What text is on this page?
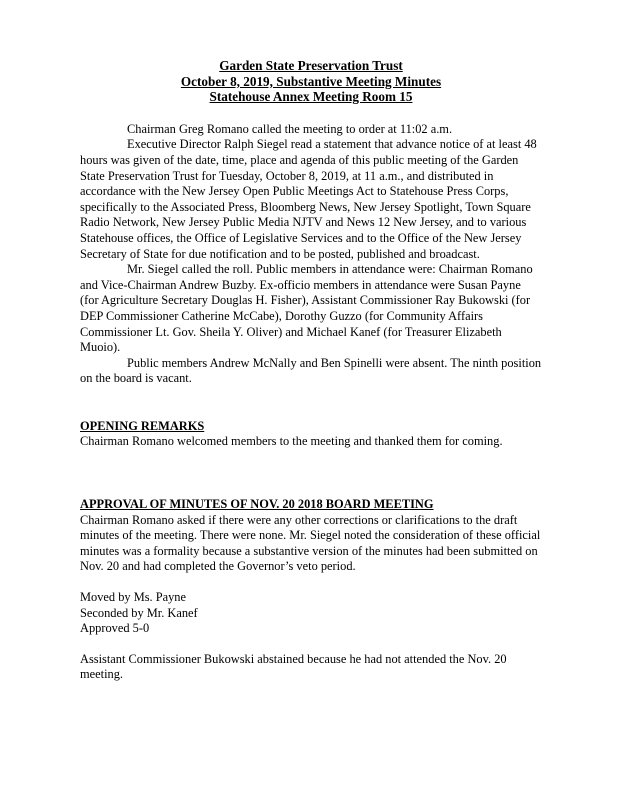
Garden State Preservation Trust
October 8, 2019, Substantive Meeting Minutes
Statehouse Annex Meeting Room 15

Chairman Greg Romano called the meeting to order at 11:02 a.m.

Executive Director Ralph Siegel read a statement that advance notice of at least 48 hours was given of the date, time, place and agenda of this public meeting of the Garden State Preservation Trust for Tuesday, October 8, 2019, at 11 a.m., and distributed in accordance with the New Jersey Open Public Meetings Act to Statehouse Press Corps, specifically to the Associated Press, Bloomberg News, New Jersey Spotlight, Town Square Radio Network, New Jersey Public Media NJTV and News 12 New Jersey, and to various Statehouse offices, the Office of Legislative Services and to the Office of the New Jersey Secretary of State for due notification and to be posted, published and broadcast.

Mr. Siegel called the roll. Public members in attendance were: Chairman Romano and Vice-Chairman Andrew Buzby. Ex-officio members in attendance were Susan Payne (for Agriculture Secretary Douglas H. Fisher), Assistant Commissioner Ray Bukowski (for DEP Commissioner Catherine McCabe), Dorothy Guzzo (for Community Affairs Commissioner Lt. Gov. Sheila Y. Oliver) and Michael Kanef (for Treasurer Elizabeth Muoio).

Public members Andrew McNally and Ben Spinelli were absent. The ninth position on the board is vacant.

OPENING REMARKS

Chairman Romano welcomed members to the meeting and thanked them for coming.

APPROVAL OF MINUTES OF NOV. 20 2018 BOARD MEETING

Chairman Romano asked if there were any other corrections or clarifications to the draft minutes of the meeting. There were none. Mr. Siegel noted the consideration of these official minutes was a formality because a substantive version of the minutes had been submitted on Nov. 20 and had completed the Governor’s veto period.

Moved by Ms. Payne

Seconded by Mr. Kanef

Approved 5-0

Assistant Commissioner Bukowski abstained because he had not attended the Nov. 20 meeting.
